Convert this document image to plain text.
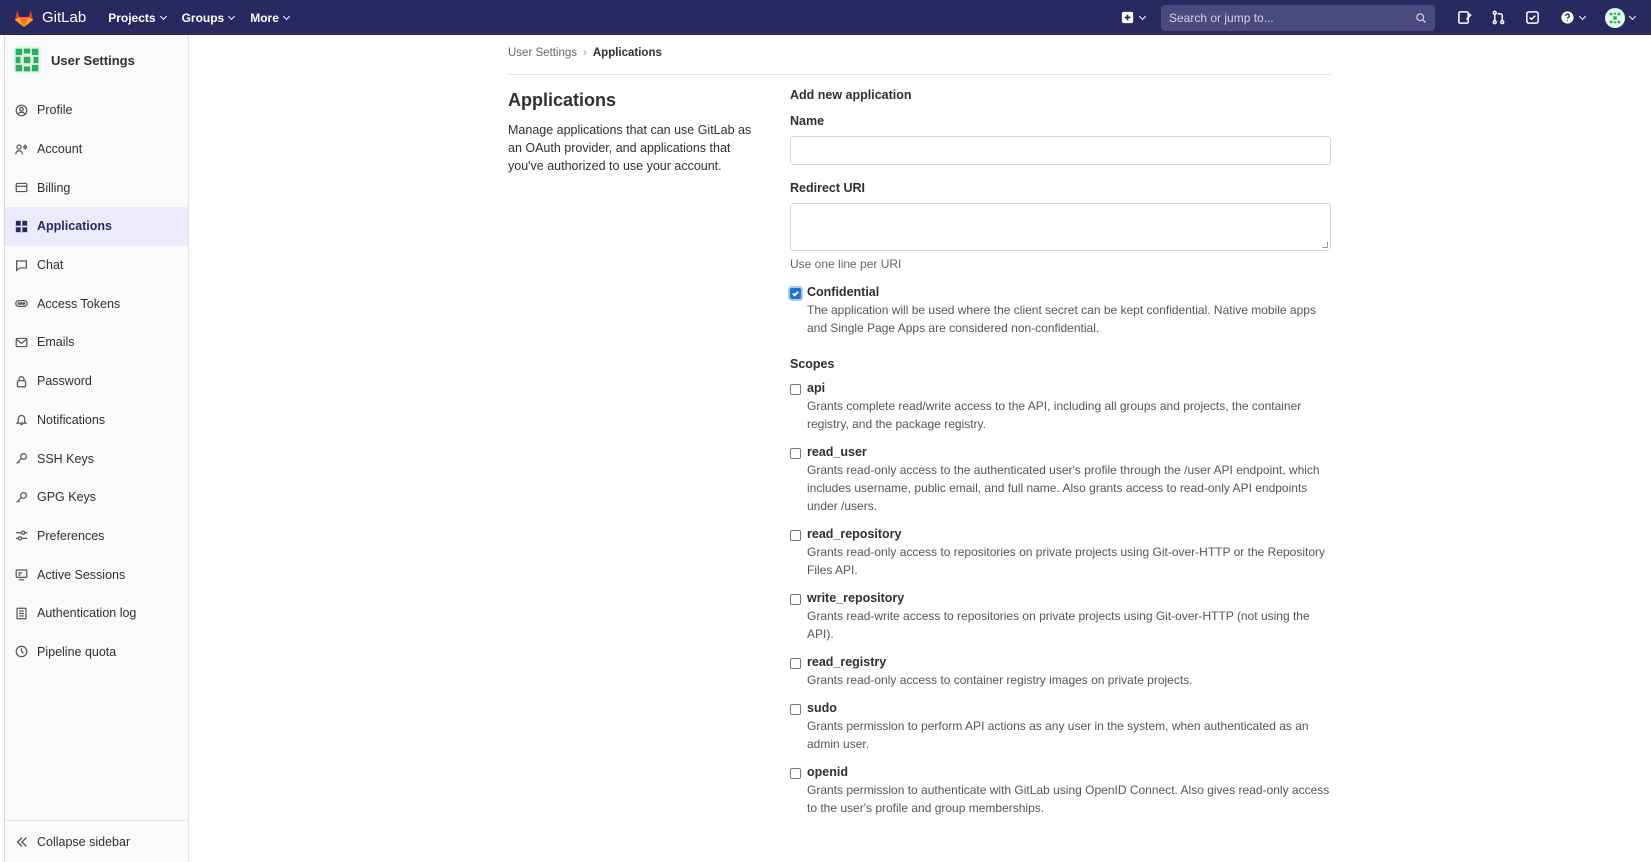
GitLab Projects Groups More	Search or jump to...
User Settings
Profile
Account
Billing
Applications
Chat
Access Tokens
Emails
Password
Notifications
SSH Keys
GPG Keys
Preferences
Active Sessions
Authentication log
Pipeline quota
Collapse sidebar
User Settings › Applications
Applications

Manage applications that can use GitLab as an OAuth provider, and applications that you've authorized to use your account.

Add new application
Name
Redirect URI
Use one line per URI
Confidential
The application will be used where the client secret can be kept confidential. Native mobile apps and Single Page Apps are considered non-confidential.
Scopes
api
Grants complete read/write access to the API, including all groups and projects, the container registry, and the package registry.
read_user
Grants read-only access to the authenticated user's profile through the /user API endpoint, which includes username, public email, and full name. Also grants access to read-only API endpoints under /users.
read_repository
Grants read-only access to repositories on private projects using Git-over-HTTP or the Repository Files API.
write_repository
Grants read-write access to repositories on private projects using Git-over-HTTP (not using the API).
read_registry
Grants read-only access to container registry images on private projects.
sudo
Grants permission to perform API actions as any user in the system, when authenticated as an admin user.
openid
Grants permission to authenticate with GitLab using OpenID Connect. Also gives read-only access to the user's profile and group memberships.
